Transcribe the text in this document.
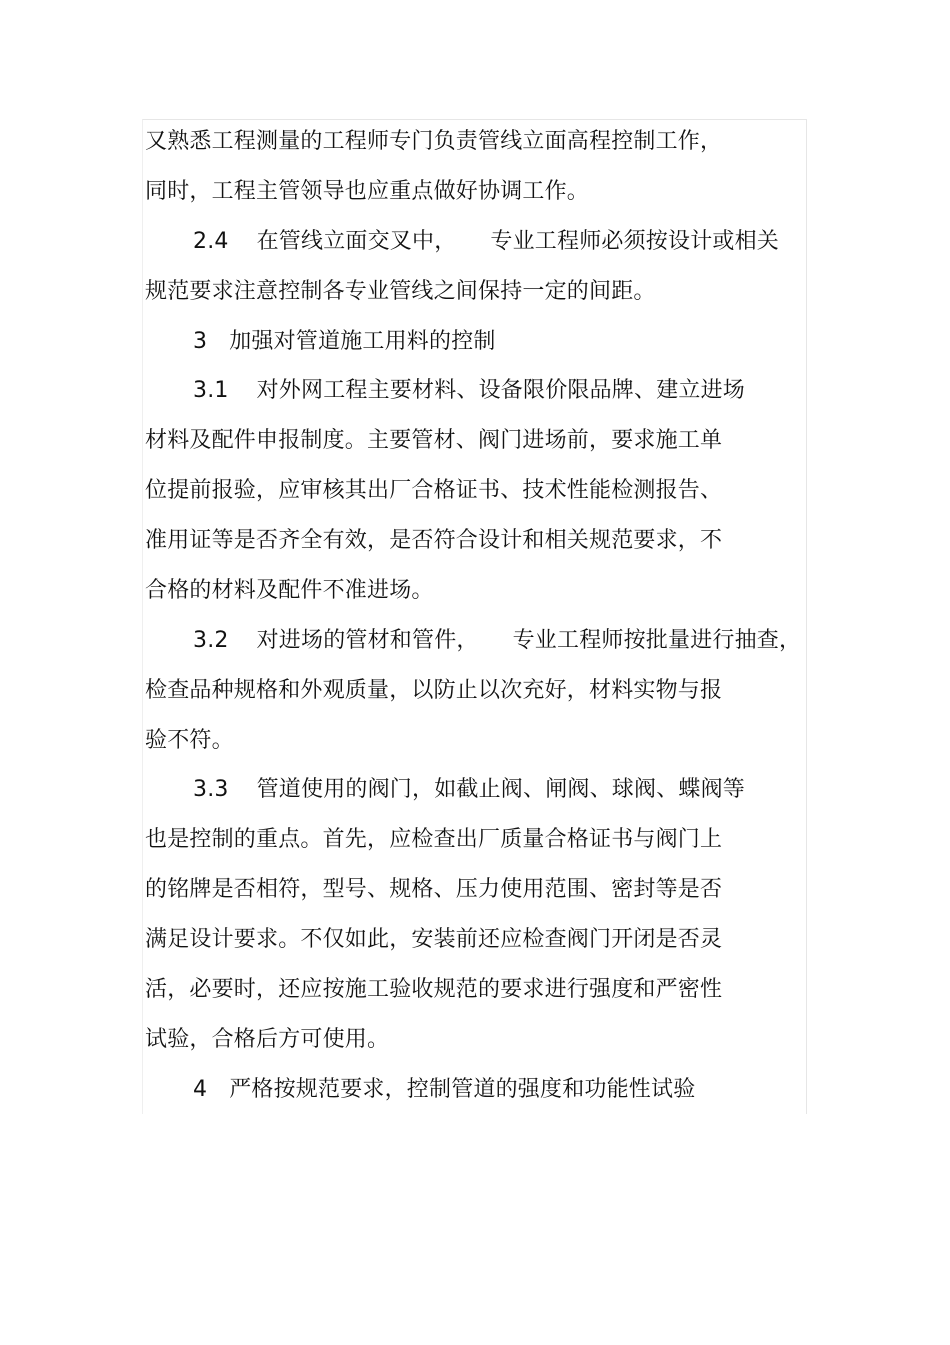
又熟悉工程测量的工程师专门负责管线立面高程控制工作，
同时，工程主管领导也应重点做好协调工作。
2.4 在管线立面交叉中， 专业工程师必须按设计或相关
规范要求注意控制各专业管线之间保持一定的间距。
3 加强对管道施工用料的控制
3.1 对外网工程主要材料、设备限价限品牌、建立进场
材料及配件申报制度。主要管材、阀门进场前，要求施工单
位提前报验，应审核其出厂合格证书、技术性能检测报告、
准用证等是否齐全有效，是否符合设计和相关规范要求，不
合格的材料及配件不准进场。
3.2 对进场的管材和管件， 专业工程师按批量进行抽查，
检查品种规格和外观质量，以防止以次充好，材料实物与报
验不符。
3.3 管道使用的阀门，如截止阀、闸阀、球阀、蝶阀等
也是控制的重点。首先，应检查出厂质量合格证书与阀门上
的铭牌是否相符，型号、规格、压力使用范围、密封等是否
满足设计要求。不仅如此，安装前还应检查阀门开闭是否灵
活，必要时，还应按施工验收规范的要求进行强度和严密性
试验，合格后方可使用。
4 严格按规范要求，控制管道的强度和功能性试验
